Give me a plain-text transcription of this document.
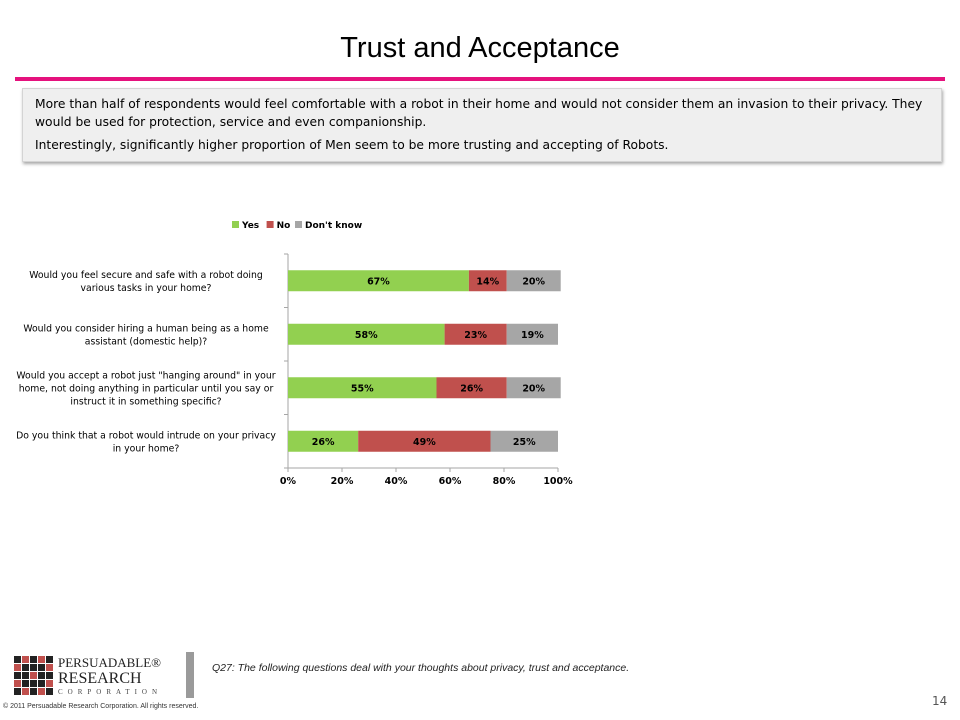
Trust and Acceptance

More than half of respondents would feel comfortable with a robot in their home and would not consider them an invasion to their privacy. They would be used for protection, service and even companionship.

Interestingly, significantly higher proportion of Men seem to be more trusting and accepting of Robots.

Yes No Don't know
0%	20%	40%	60%	80%	100%
67%	14% 20%
Would you feel secure and safe with a robot doing
various tasks in your home?
58%	23%	19%
Would you consider hiring a human being as a home
assistant (domestic help)?
55%	26%	20%
Would you accept a robot just "hanging around" in your
home, not doing anything in particular until you say or
instruct it in something specific?
26%	49%	25%
Do you think that a robot would intrude on your privacy
in your home?
PERSUADABLE®
RESEARCH
CORPORATION
Q27: The following questions deal with your thoughts about privacy, trust and acceptance.
© 2011 Persuadable Research Corporation. All rights reserved.	14
